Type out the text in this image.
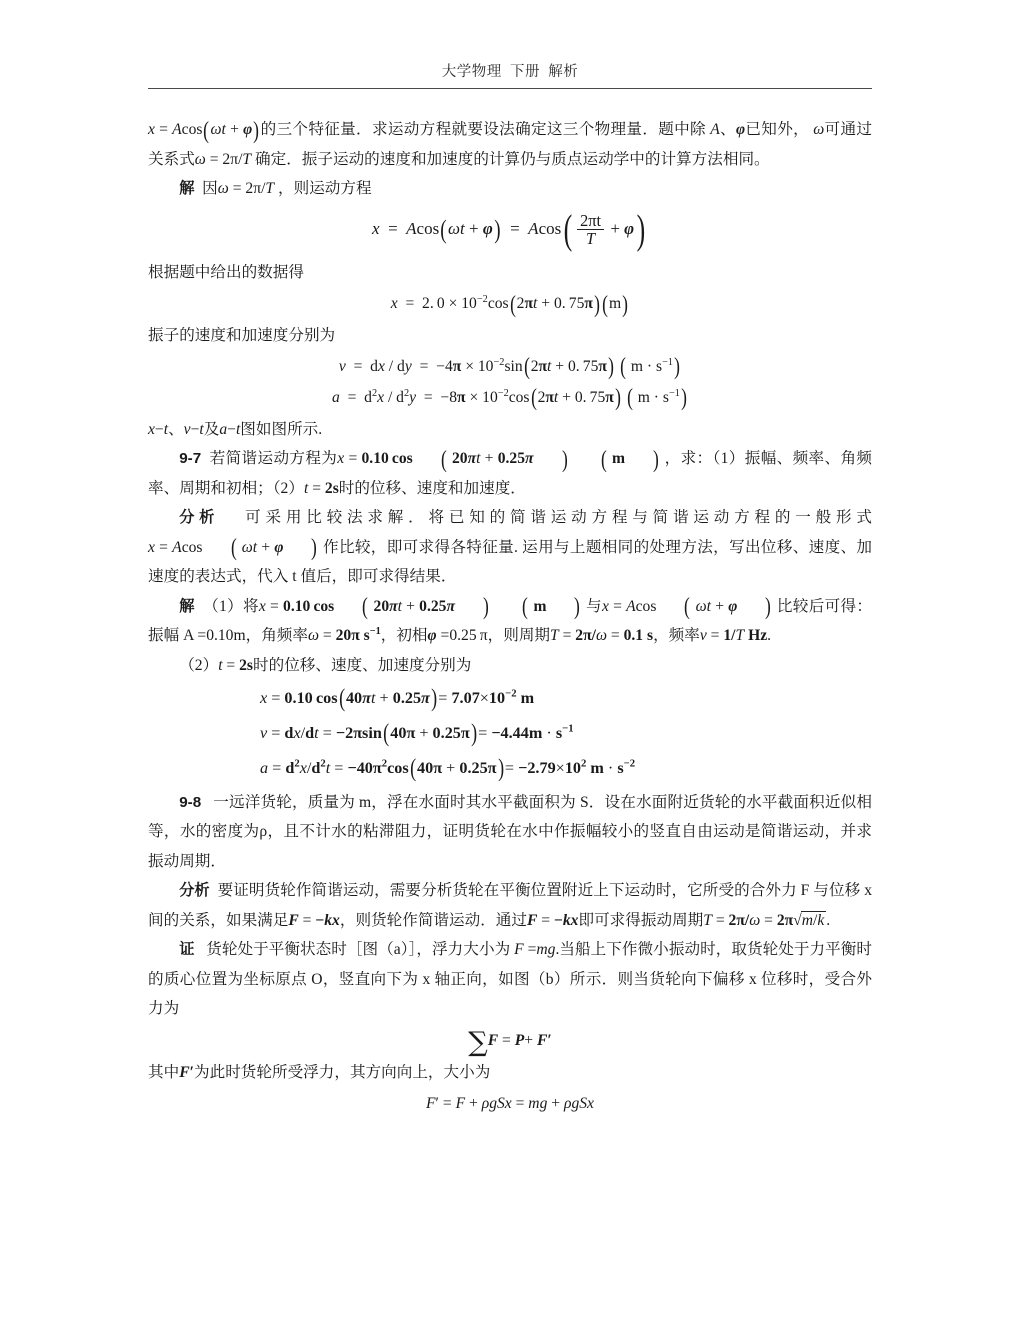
大学物理  下册  解析

x = Acos(ωt + φ)的三个特征量．求运动方程就要设法确定这三个物理量．题中除 A、φ已知外， ω可通过关系式ω = 2π/T 确定．振子运动的速度和加速度的计算仍与质点运动学中的计算方法相同。

解 因ω = 2π/T ，则运动方程

$x = Acos(\omega t + \varphi) = Acos( \frac{2\pi t}{T} + \varphi)$

根据题中给出的数据得

x  =  2. $0 \times 10^{-2}\cos(2\pi t + 0$. 75π)(m)

振子的速度和加速度分别为

v  =  dx / dy  =  $-4\pi \times 10^{-2}\sin(2\pi t + 0$. 75π) ( $m \cdot s^{-1}$)
$a = d^2x / d^2y = -8\pi \times 10^{-2}\cos(2\pi t + 0$. 75π) ( $m \cdot s^{-1}$)

x−t、v−t及a−t图如图所示.

9-7 若简谐运动方程为x = 0.10  cos ( 20πt + 0.25π ) ( m ) ，求：（1）振幅、频率、角频率、周期和初相；（2）t = 2s时的位移、速度和加速度．

分析 可采用比较法求解．将已知的简谐运动方程与简谐运动方程的一般形式x = Acos ( ωt + φ ) 作比较，即可求得各特征量. 运用与上题相同的处理方法，写出位移、速度、加速度的表达式，代入 t 值后，即可求得结果．

解 （1）将x = 0.10  cos ( 20πt + 0.25π ) ( m ) 与x = Acos ( ωt + φ ) 比较后可得：振幅 A =0.10m，角频率ω = 20π $s^{-1}$，初相φ =0.25 π，则周期T = 2π/ω = 0.1 s，频率v = 1/T Hz.

（2）t = 2s时的位移、速度、加速度分别为

x = 0.10  $\cos(40\pi t + 0.25\pi)= 7.07\times 10^{-2}$ m
$v = dx/dt = -2\pi\sin(40\pi + 0.25\pi)= -4.44m \cdot s^{-1}$
$a = d^2x/d^2t = -40\pi^2\cos(40\pi + 0.25\pi)= -2.79\times 10^2$ $m \cdot s^{-2}$

9-8 一远洋货轮，质量为 m，浮在水面时其水平截面积为 S．设在水面附近货轮的水平截面积近似相等，水的密度为ρ，且不计水的粘滞阻力，证明货轮在水中作振幅较小的竖直自由运动是简谐运动，并求振动周期．

分析 要证明货轮作简谐运动，需要分析货轮在平衡位置附近上下运动时，它所受的合外力 F 与位移 x 间的关系，如果满足F = −kx，则货轮作简谐运动．通过F = −kx即可求得振动周期T = 2π/ω = 2π√m/k .

证 货轮处于平衡状态时［图（a）］，浮力大小为 F =mg.当船上下作微小振动时，取货轮处于力平衡时的质心位置为坐标原点 O，竖直向下为 x 轴正向，如图（b）所示．则当货轮向下偏移 x 位移时，受合外力为

∑F = P+ F′

其中F′为此时货轮所受浮力，其方向向上，大小为

F′ = F + ρgSx = mg + ρgSx
